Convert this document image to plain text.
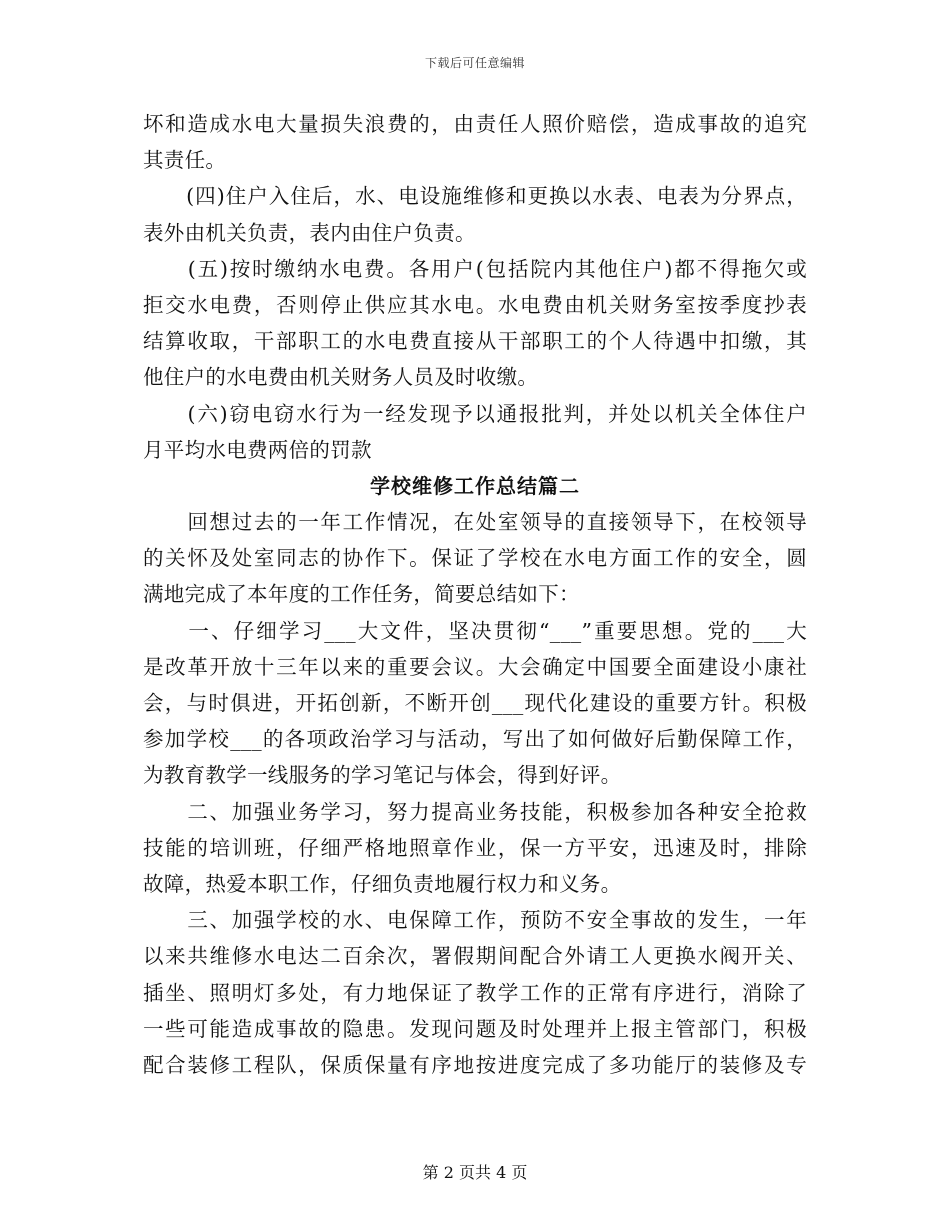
下载后可任意编辑
坏和造成水电大量损失浪费的，由责任人照价赔偿，造成事故的追究
其责任。
　　(四)住户入住后，水、电设施维修和更换以水表、电表为分界点，
表外由机关负责，表内由住户负责。
　　(五)按时缴纳水电费。各用户(包括院内其他住户)都不得拖欠或
拒交水电费，否则停止供应其水电。水电费由机关财务室按季度抄表
结算收取，干部职工的水电费直接从干部职工的个人待遇中扣缴，其
他住户的水电费由机关财务人员及时收缴。
　　(六)窃电窃水行为一经发现予以通报批判，并处以机关全体住户
月平均水电费两倍的罚款
学校维修工作总结篇二
　　回想过去的一年工作情况，在处室领导的直接领导下，在校领导
的关怀及处室同志的协作下。保证了学校在水电方面工作的安全，圆
满地完成了本年度的工作任务，简要总结如下：
　　一、仔细学习___大文件，坚决贯彻“___”重要思想。党的___大
是改革开放十三年以来的重要会议。大会确定中国要全面建设小康社
会，与时俱进，开拓创新，不断开创___现代化建设的重要方针。积极
参加学校___的各项政治学习与活动，写出了如何做好后勤保障工作，
为教育教学一线服务的学习笔记与体会，得到好评。
　　二、加强业务学习，努力提高业务技能，积极参加各种安全抢救
技能的培训班，仔细严格地照章作业，保一方平安，迅速及时，排除
故障，热爱本职工作，仔细负责地履行权力和义务。
　　三、加强学校的水、电保障工作，预防不安全事故的发生，一年
以来共维修水电达二百余次，署假期间配合外请工人更换水阀开关、
插坐、照明灯多处，有力地保证了教学工作的正常有序进行，消除了
一些可能造成事故的隐患。发现问题及时处理并上报主管部门，积极
配合装修工程队，保质保量有序地按进度完成了多功能厅的装修及专
第 2 页共 4 页
